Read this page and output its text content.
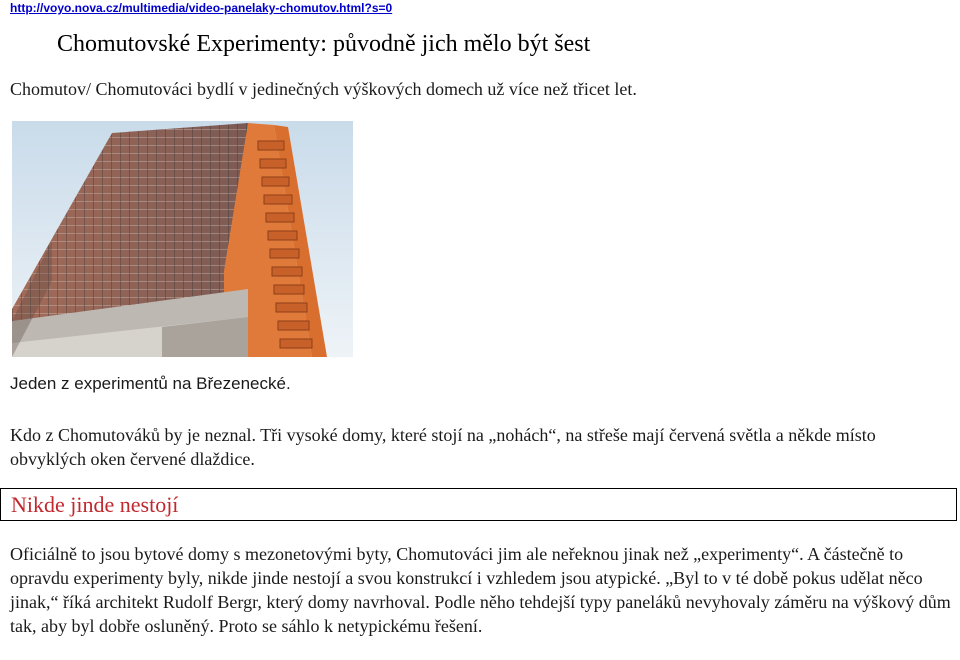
http://voyo.nova.cz/multimedia/video-panelaky-chomutov.html?s=0
Chomutovské Experimenty: původně jich mělo být šest
Chomutov/ Chomutováci bydlí v jedinečných výškových domech už více než třicet let.
Jeden z experimentů na Březenecké.

Kdo z Chomutováků by je neznal. Tři vysoké domy, které stojí na „nohách“, na střeše mají červená světla a někde místo obvyklých oken červené dlaždice.

Nikde jinde nestojí

Oficiálně to jsou bytové domy s mezonetovými byty, Chomutováci jim ale neřeknou jinak než „experimenty“. A částečně to opravdu experimenty byly, nikde jinde nestojí a svou konstrukcí i vzhledem jsou atypické. „Byl to v té době pokus udělat něco jinak,“ říká architekt Rudolf Bergr, který domy navrhoval. Podle něho tehdejší typy paneláků nevyhovaly záměru na výškový dům tak, aby byl dobře osluněný. Proto se sáhlo k netypickému řešení.
